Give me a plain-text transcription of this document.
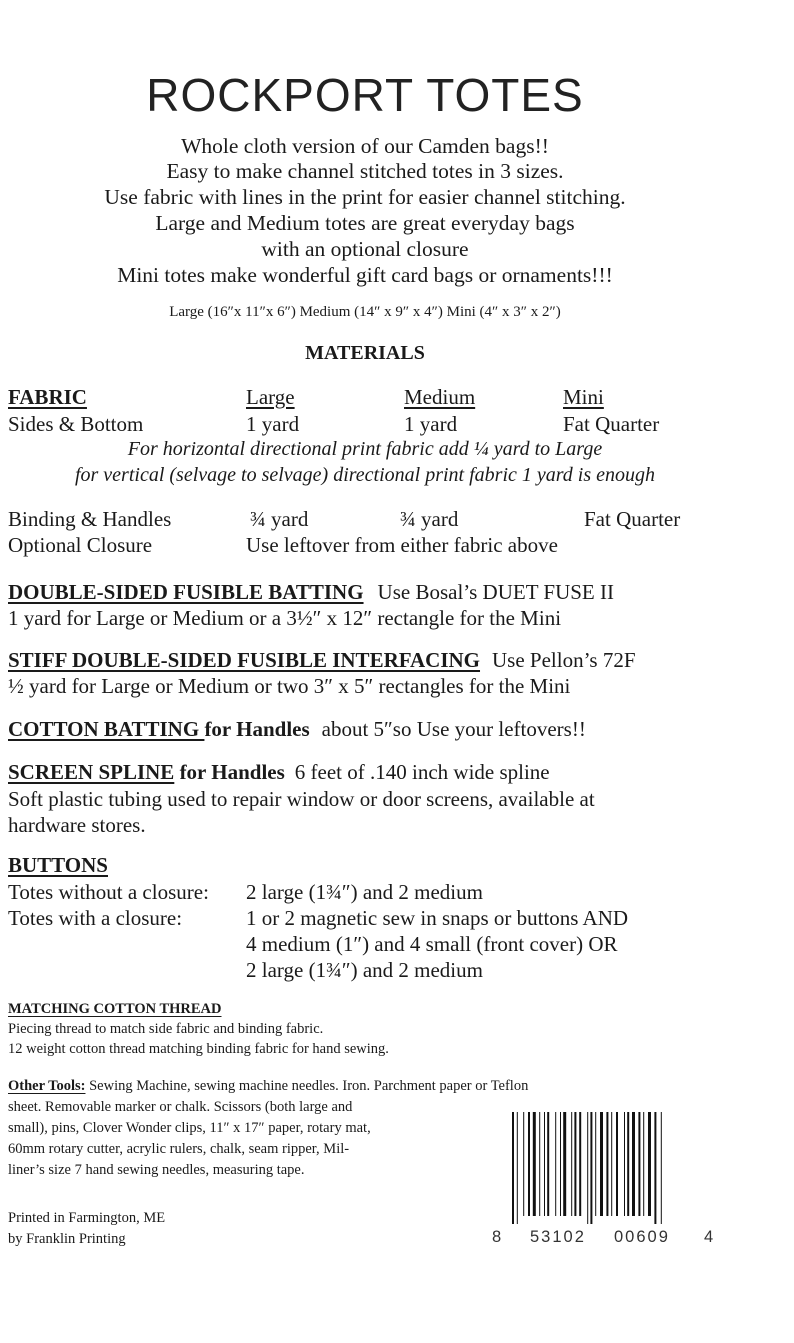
ROCKPORT TOTES
Whole cloth version of our Camden bags!!
Easy to make channel stitched totes in 3 sizes.
Use fabric with lines in the print for easier channel stitching.
Large and Medium totes are great everyday bags
with an optional closure
Mini totes make wonderful gift card bags or ornaments!!!
Large (16″x 11″x 6″) Medium (14″ x 9″ x 4″) Mini (4″ x 3″ x 2″)
MATERIALS
FABRIC	Large	Medium	Mini
Sides & Bottom	1 yard	1 yard	Fat Quarter
For horizontal directional print fabric add ¼ yard to Large
for vertical (selvage to selvage) directional print fabric 1 yard is enough
Binding & Handles	¾ yard	¾ yard	Fat Quarter
Optional Closure	Use leftover from either fabric above
DOUBLE-SIDED FUSIBLE BATTING Use Bosal’s DUET FUSE II
1 yard for Large or Medium or a 3½″ x 12″ rectangle for the Mini
STIFF DOUBLE-SIDED FUSIBLE INTERFACING Use Pellon’s 72F
½ yard for Large or Medium or two 3″ x 5″ rectangles for the Mini
COTTON BATTING for Handles about 5″so Use your leftovers!!
SCREEN SPLINE for Handles 6 feet of .140 inch wide spline
Soft plastic tubing used to repair window or door screens, available at
hardware stores.
BUTTONS
Totes without a closure: 2 large (1¾″) and 2 medium
Totes with a closure:	1 or 2 magnetic sew in snaps or buttons AND
4 medium (1″) and 4 small (front cover) OR
2 large (1¾″) and 2 medium
MATCHING COTTON THREAD
Piecing thread to match side fabric and binding fabric.
12 weight cotton thread matching binding fabric for hand sewing.
Other Tools: Sewing Machine, sewing machine needles. Iron. Parchment paper or Teflon
sheet. Removable marker or chalk. Scissors (both large and
small), pins, Clover Wonder clips, 11″ x 17″ paper, rotary mat,
60mm rotary cutter, acrylic rulers, chalk, seam ripper, Mil-
liner’s size 7 hand sewing needles, measuring tape.
Printed in Farmington, ME
by Franklin Printing	8 53102 00609 4
